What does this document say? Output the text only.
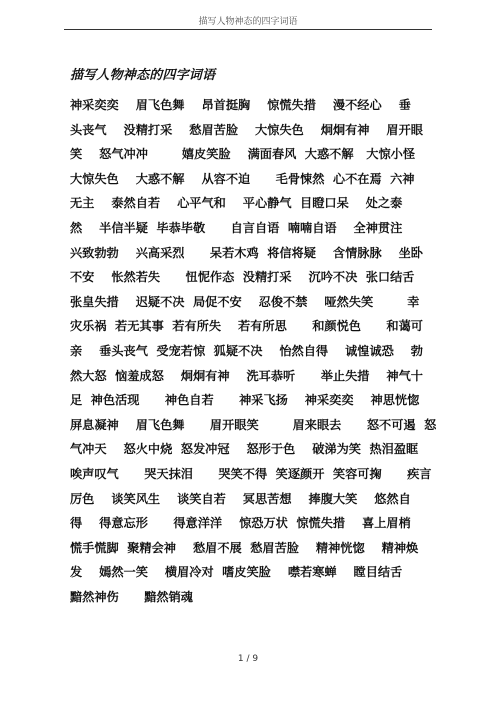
描写人物神态的四字词语
描写人物神态的四字词语
神采奕奕    眉飞色舞    昂首挺胸    惊慌失措    漫不经心    垂
头丧气    没精打采    愁眉苦脸    大惊失色    炯炯有神    眉开眼
笑    怒气冲冲        嬉皮笑脸    满面春风  大惑不解   大惊小怪
大惊失色    大惑不解    从容不迫      毛骨悚然  心不在焉  六神
无主    泰然自若    心平气和    平心静气  目瞪口呆    处之泰
然    半信半疑  毕恭毕敬      自言自语  喃喃自语    全神贯注
兴致勃勃    兴高采烈      呆若木鸡  将信将疑    含情脉脉    坐卧
不安    怅然若失      忸怩作态  没精打采    沉吟不决  张口结舌
张皇失措    迟疑不决  局促不安    忍俊不禁    哑然失笑        幸
灾乐祸  若无其事  若有所失    若有所思      和颜悦色      和蔼可
亲    垂头丧气  受宠若惊  狐疑不决    怡然自得    诚惶诚恐    勃
然大怒  恼羞成怒    炯炯有神    洗耳恭听      举止失措    神气十
足  神色活现      神色自若      神采飞扬    神采奕奕    神思恍惚
屏息凝神    眉飞色舞      眉开眼笑        眉来眼去      怒不可遏  怒
气冲天    怒火中烧  怒发冲冠    怒形于色    破涕为笑  热泪盈眶
唉声叹气      哭天抹泪      哭笑不得  笑逐颜开  笑容可掬      疾言
厉色    谈笑风生    谈笑自若    冥思苦想    捧腹大笑    悠然自
得    得意忘形      得意洋洋    惊恐万状  惊慌失措    喜上眉梢
慌手慌脚  聚精会神    愁眉不展  愁眉苦脸    精神恍惚    精神焕
发    嫣然一笑    横眉冷对  嗜皮笑脸    噤若寒蝉    瞠目结舌
黯然神伤      黯然销魂
1 / 9
